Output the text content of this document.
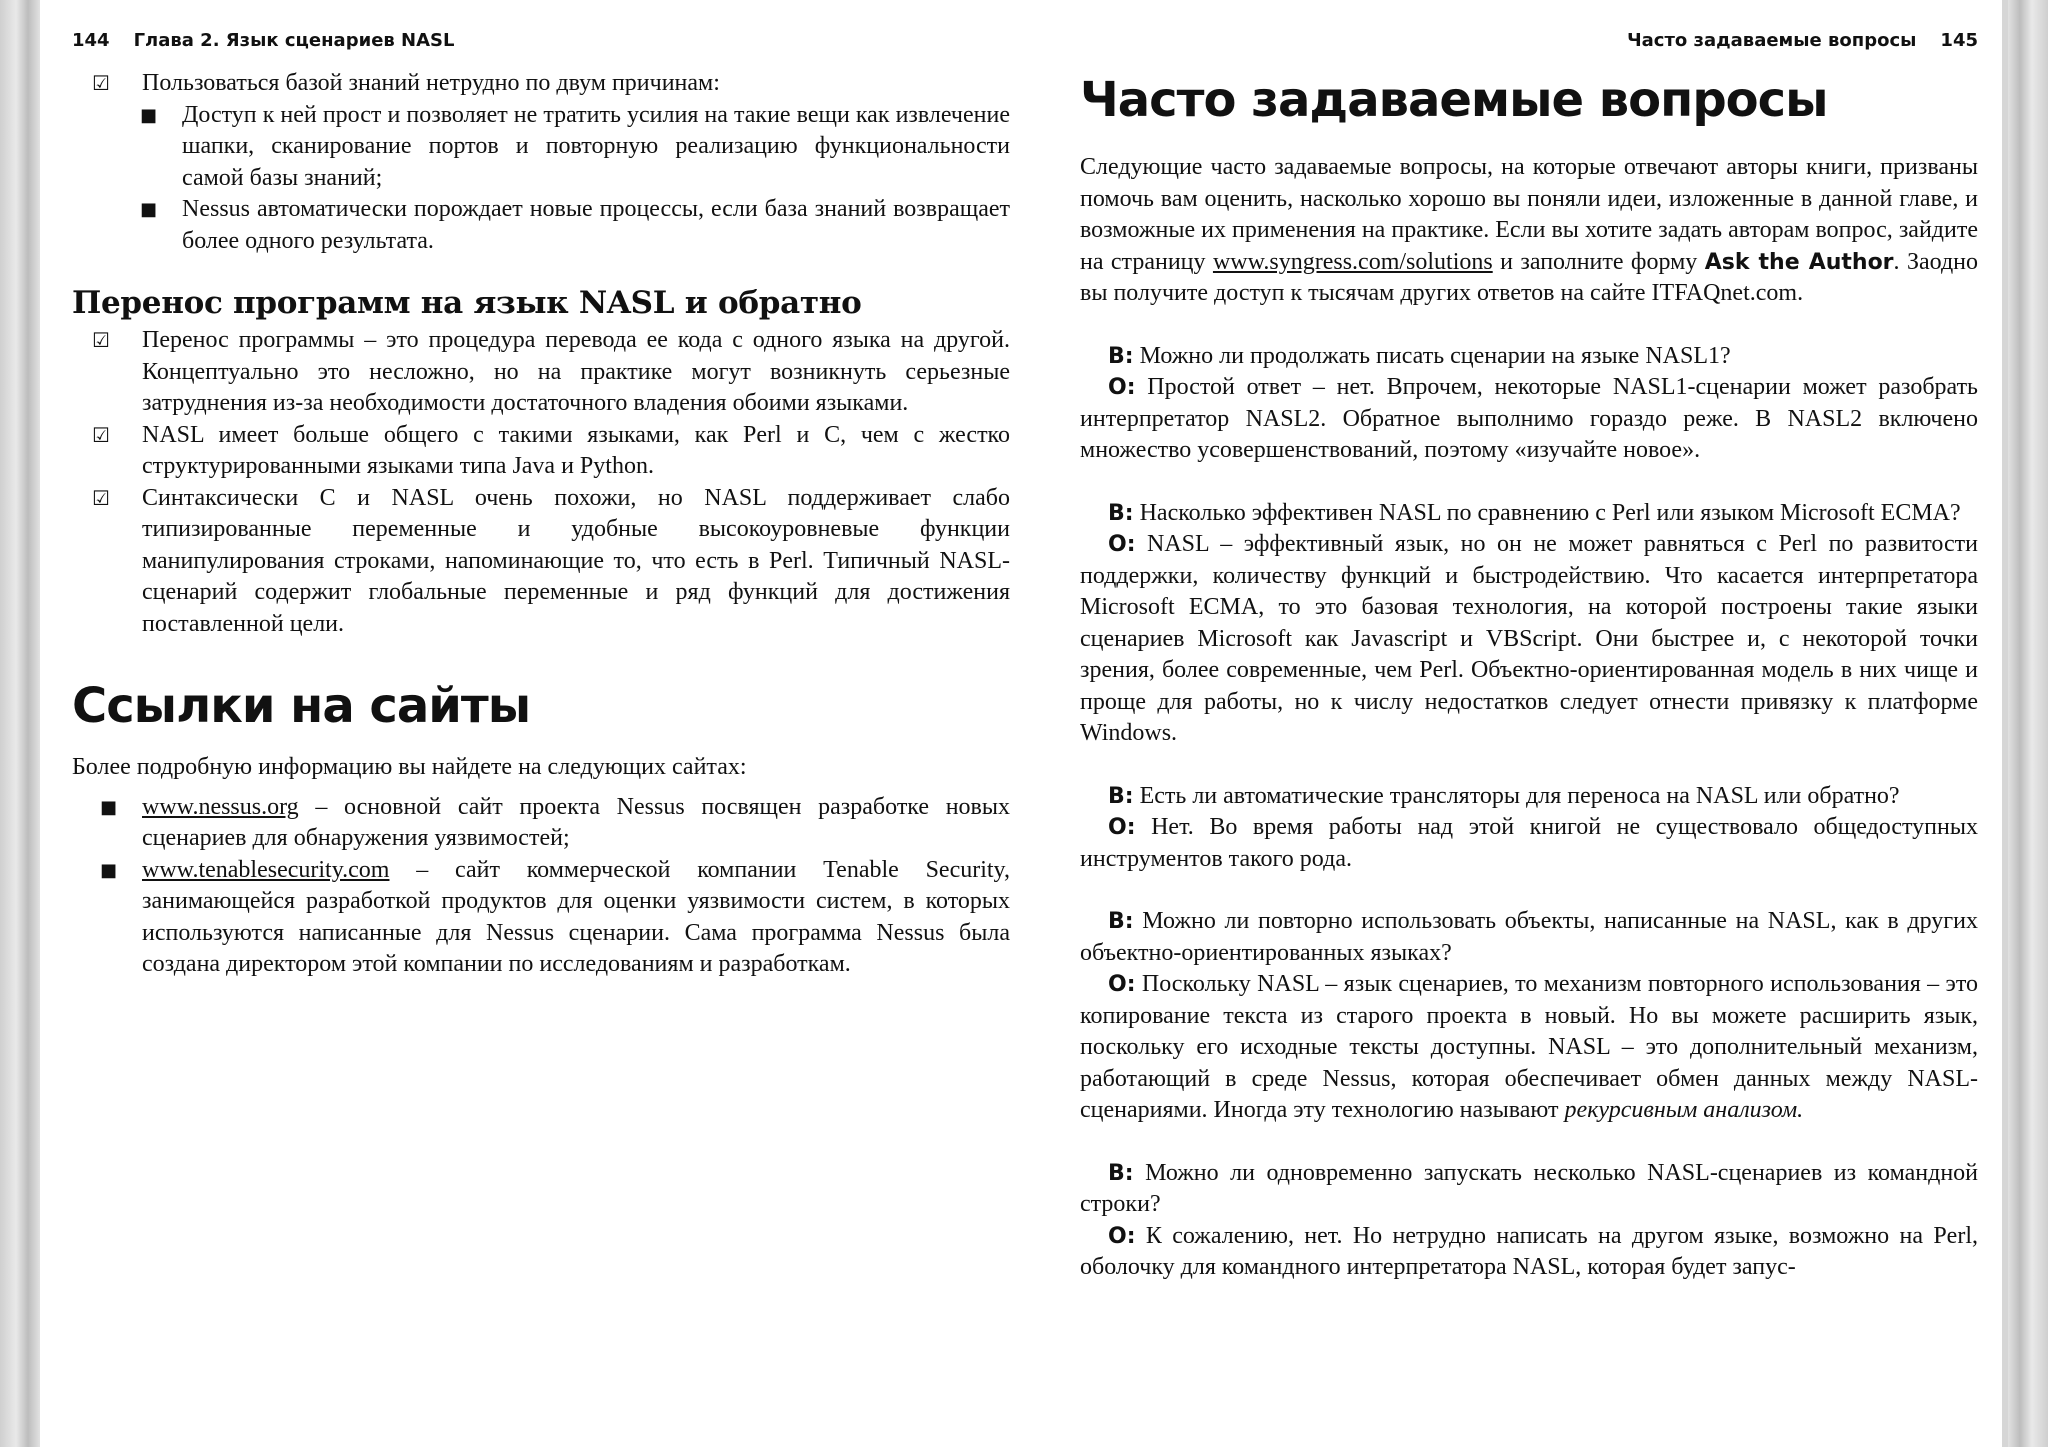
144 Глава 2. Язык сценариев NASL

☑ Пользоваться базой знаний нетрудно по двум причинам:

■ Доступ к ней прост и позволяет не тратить усилия на такие вещи как извлечение шапки, сканирование портов и повторную реализацию функциональности самой базы знаний;

■ Nessus автоматически порождает новые процессы, если база знаний возвращает более одного результата.

Перенос программ на язык NASL и обратно

☑ Перенос программы – это процедура перевода ее кода с одного языка на другой. Концептуально это несложно, но на практике могут возникнуть серьезные затруднения из-за необходимости достаточного владения обоими языками.

☑ NASL имеет больше общего с такими языками, как Perl и C, чем с жестко структурированными языками типа Java и Python.

☑ Синтаксически C и NASL очень похожи, но NASL поддерживает слабо типизированные переменные и удобные высокоуровневые функции манипулирования строками, напоминающие то, что есть в Perl. Типичный NASL-сценарий содержит глобальные переменные и ряд функций для достижения поставленной цели.

Ссылки на сайты

Более подробную информацию вы найдете на следующих сайтах:

■ www.nessus.org – основной сайт проекта Nessus посвящен разработке новых сценариев для обнаружения уязвимостей;

■ www.tenablesecurity.com – сайт коммерческой компании Tenable Security, занимающейся разработкой продуктов для оценки уязвимости систем, в которых используются написанные для Nessus сценарии. Сама программа Nessus была создана директором этой компании по исследованиям и разработкам.

Часто задаваемые вопросы 145
Часто задаваемые вопросы

Следующие часто задаваемые вопросы, на которые отвечают авторы книги, призваны помочь вам оценить, насколько хорошо вы поняли идеи, изложенные в данной главе, и возможные их применения на практике. Если вы хотите задать авторам вопрос, зайдите на страницу www.syngress.com/solutions и заполните форму Ask the Author. Заодно вы получите доступ к тысячам других ответов на сайте ITFAQnet.com.

В: Можно ли продолжать писать сценарии на языке NASL1?

О: Простой ответ – нет. Впрочем, некоторые NASL1-сценарии может разобрать интерпретатор NASL2. Обратное выполнимо гораздо реже. В NASL2 включено множество усовершенствований, поэтому «изучайте новое».

В: Насколько эффективен NASL по сравнению с Perl или языком Microsoft ECMA?

О: NASL – эффективный язык, но он не может равняться с Perl по развитости поддержки, количеству функций и быстродействию. Что касается интерпретатора Microsoft ECMA, то это базовая технология, на которой построены такие языки сценариев Microsoft как Javascript и VBScript. Они быстрее и, с некоторой точки зрения, более современные, чем Perl. Объектно-ориентированная модель в них чище и проще для работы, но к числу недостатков следует отнести привязку к платформе Windows.

В: Есть ли автоматические трансляторы для переноса на NASL или обратно?

О: Нет. Во время работы над этой книгой не существовало общедоступных инструментов такого рода.

В: Можно ли повторно использовать объекты, написанные на NASL, как в других объектно-ориентированных языках?

О: Поскольку NASL – язык сценариев, то механизм повторного использования – это копирование текста из старого проекта в новый. Но вы можете расширить язык, поскольку его исходные тексты доступны. NASL – это дополнительный механизм, работающий в среде Nessus, которая обеспечивает обмен данных между NASL-сценариями. Иногда эту технологию называют рекурсивным анализом.

В: Можно ли одновременно запускать несколько NASL-сценариев из командной строки?

О: К сожалению, нет. Но нетрудно написать на другом языке, возможно на Perl, оболочку для командного интерпретатора NASL, которая будет запус-
